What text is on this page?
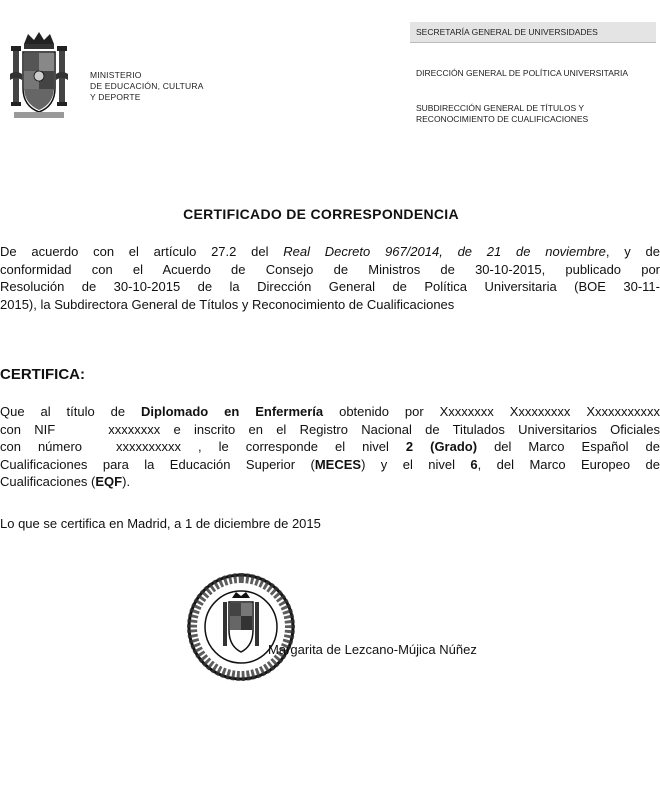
MINISTERIO
DE EDUCACIÓN, CULTURA
Y DEPORTE
SECRETARÍA GENERAL DE UNIVERSIDADES
DIRECCIÓN GENERAL DE POLÍTICA UNIVERSITARIA
SUBDIRECCIÓN GENERAL DE TÍTULOS Y RECONOCIMIENTO DE CUALIFICACIONES
CERTIFICADO DE CORRESPONDENCIA
De acuerdo con el artículo 27.2 del Real Decreto 967/2014, de 21 de noviembre, y de
conformidad con el Acuerdo de Consejo de Ministros de 30-10-2015, publicado por
Resolución de 30-10-2015 de la Dirección General de Política Universitaria (BOE 30-11-
2015), la Subdirectora General de Títulos y Reconocimiento de Cualificaciones
CERTIFICA:
Que al título de Diplomado en Enfermería obtenido por Xxxxxxxx Xxxxxxxxx Xxxxxxxxxxx
con NIF	xxxxxxxx e inscrito en el Registro Nacional de Titulados Universitarios Oficiales
con número	xxxxxxxxxx , le corresponde el nivel 2 (Grado) del Marco Español de
Cualificaciones para la Educación Superior (MECES) y el nivel 6, del Marco Europeo de
Cualificaciones (EQF).
Lo que se certifica en Madrid, a 1 de diciembre de 2015
Margarita de Lezcano-Mújica Núñez
